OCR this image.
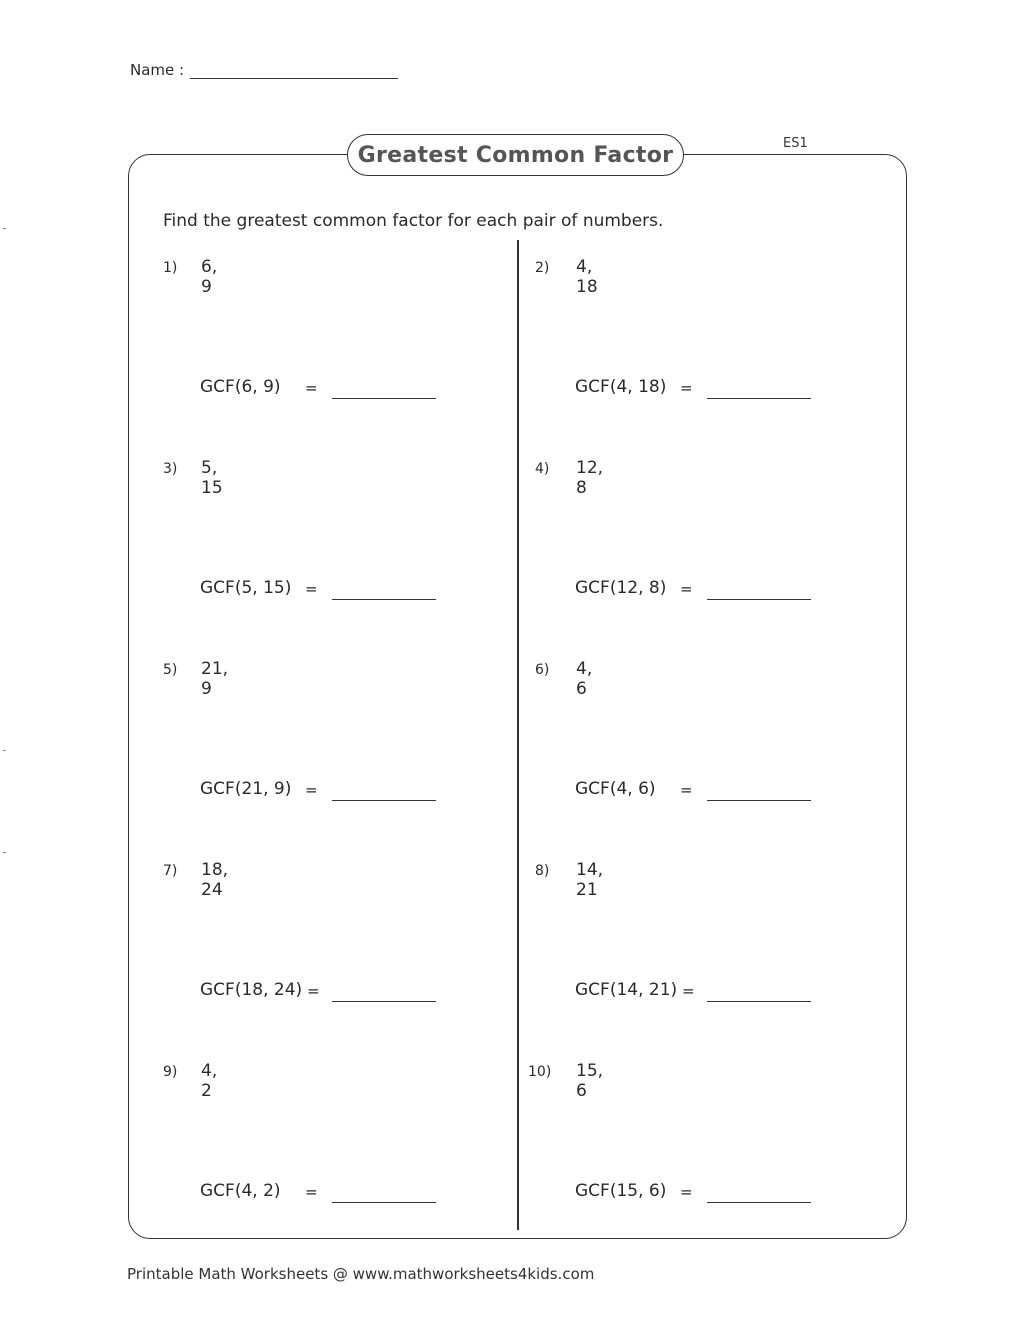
Name :
Greatest Common Factor	ES1
Find the greatest common factor for each pair of numbers.
1) 6, 9
GCF(6, 9) =
2) 4, 18
GCF(4, 18) =
3) 5, 15
GCF(5, 15) =
4) 12, 8
GCF(12, 8) =
5) 21, 9
GCF(21, 9) =
6) 4, 6
GCF(4, 6) =
7) 18, 24
GCF(18, 24) =
8) 14, 21
GCF(14, 21) =
9) 4, 2
GCF(4, 2) =
10) 15, 6
GCF(15, 6) =
Printable Math Worksheets @ www.mathworksheets4kids.com
